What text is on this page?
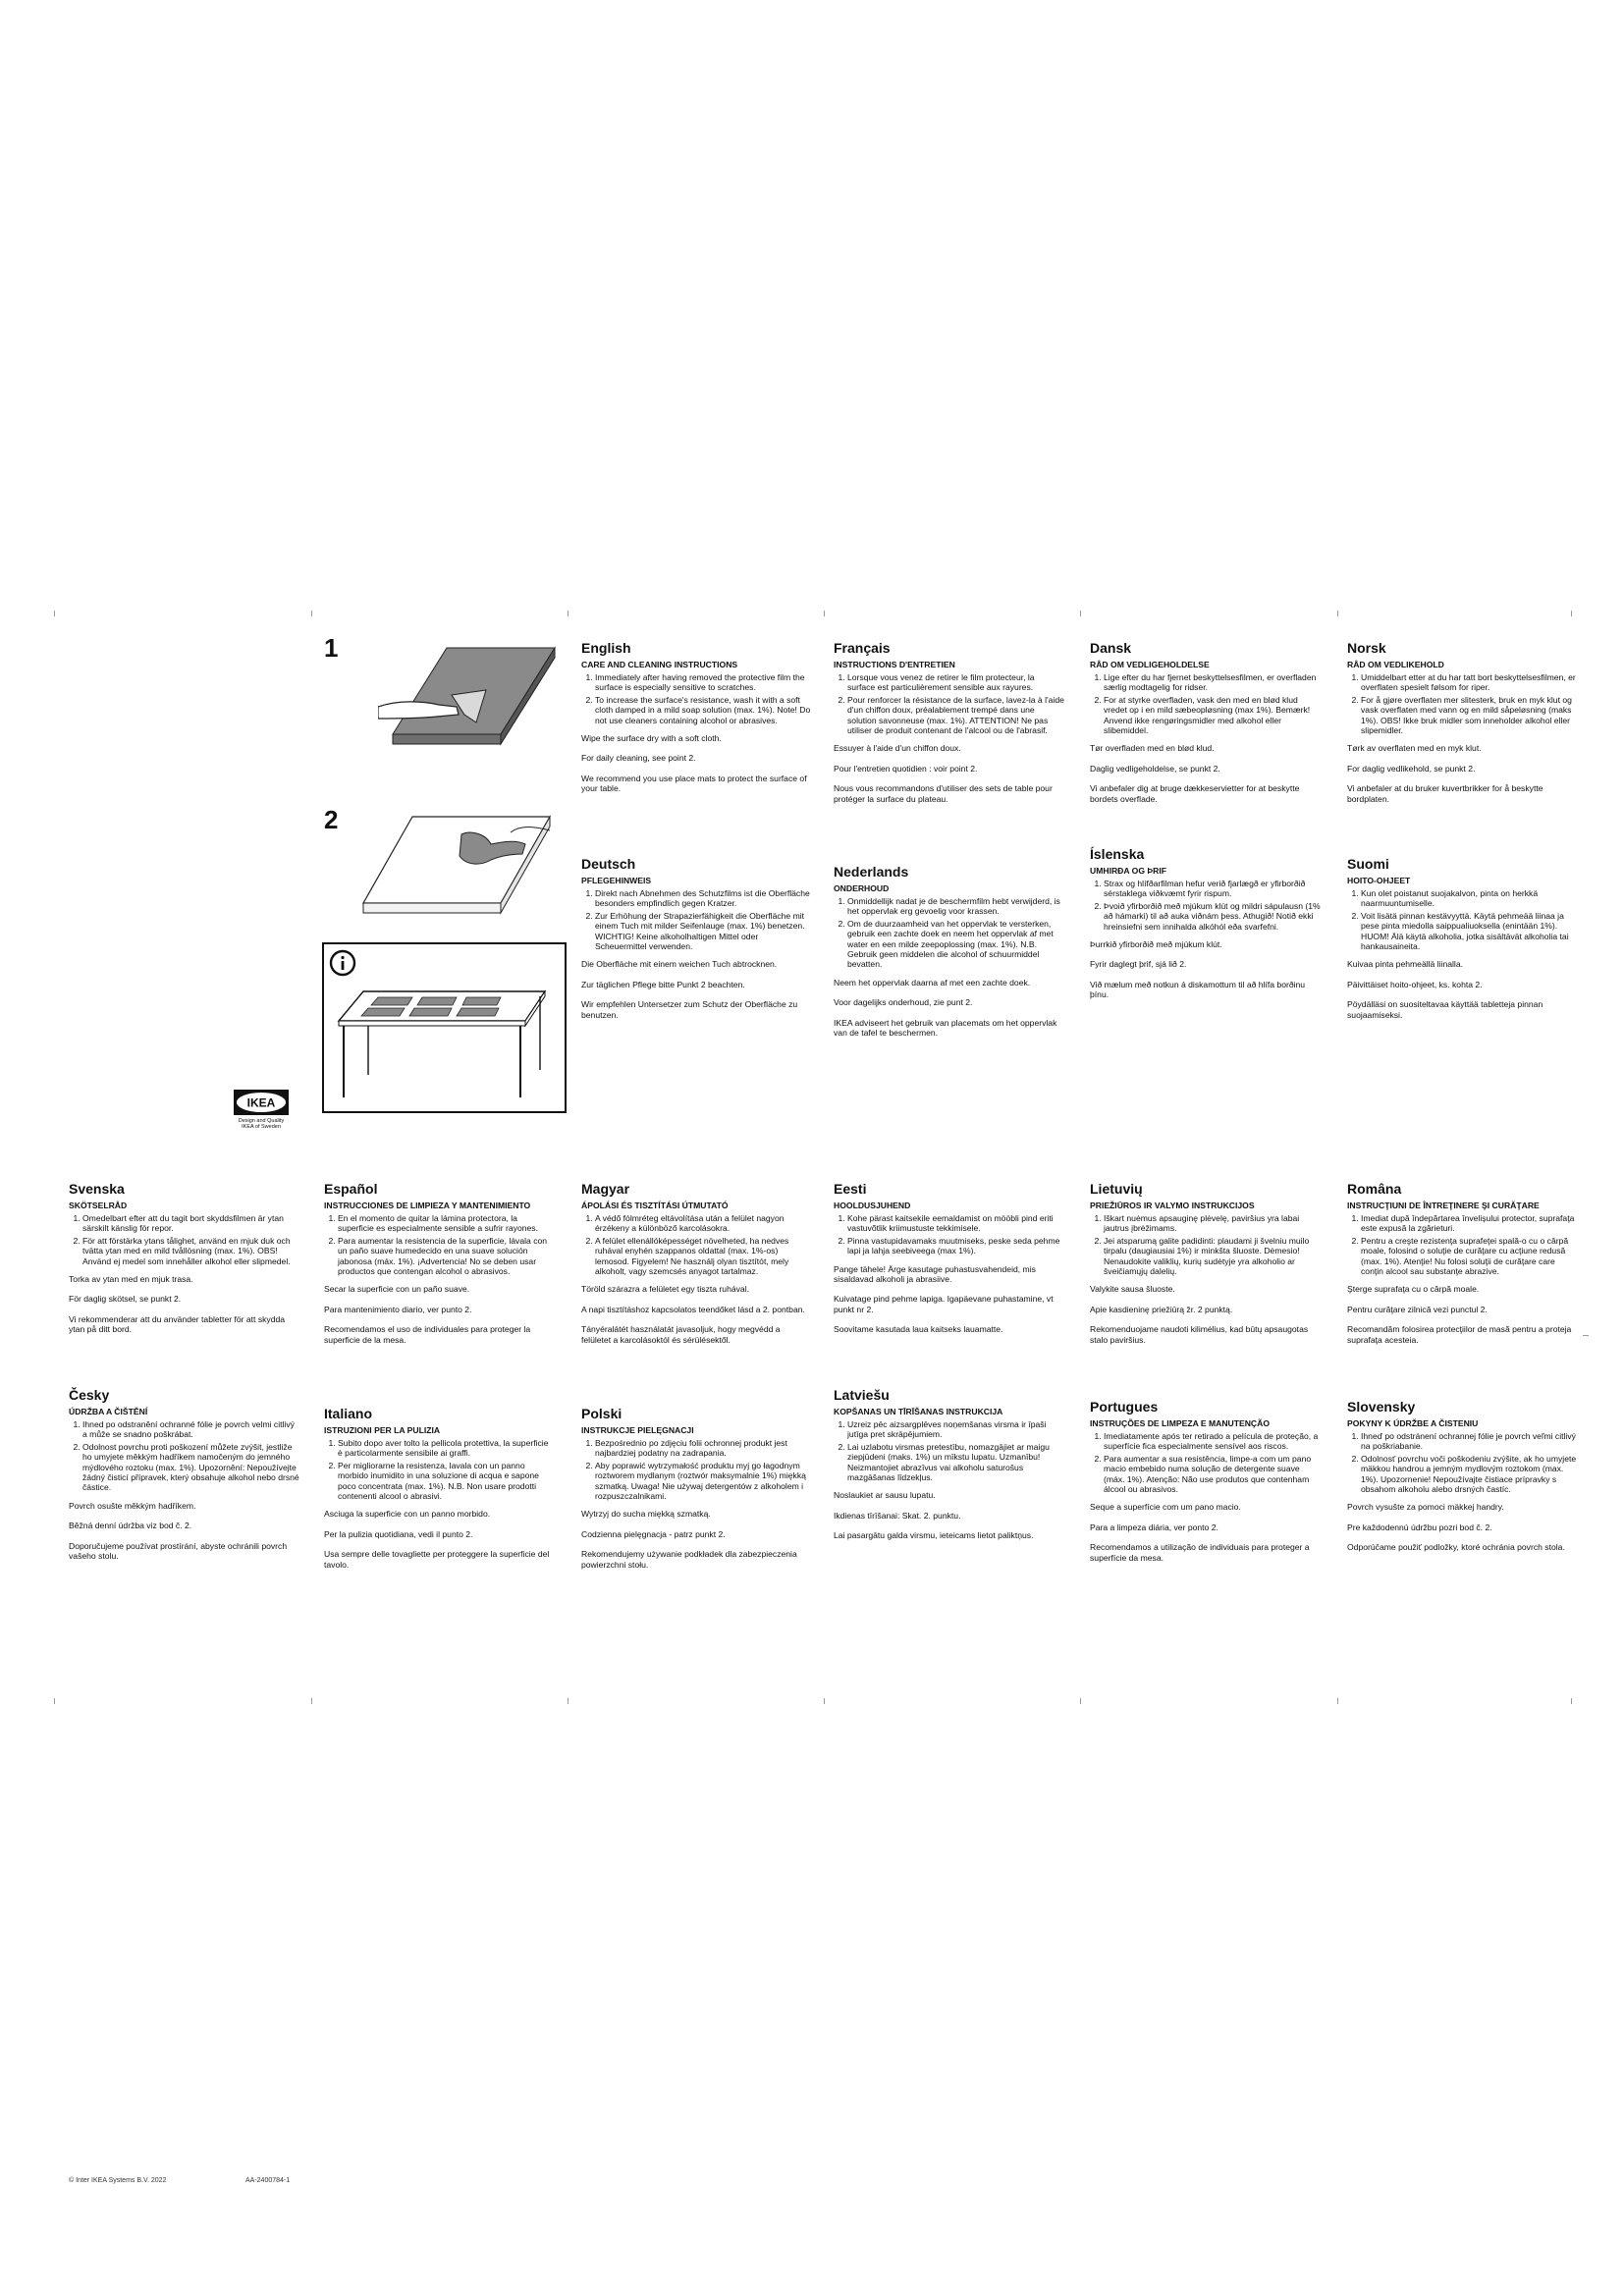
1
2
IKEA
Design and Quality
IKEA of Sweden
English
CARE AND CLEANING INSTRUCTIONS
1. Immediately after having removed the protective film the surface is especially sensitive to scratches.
2. To increase the surface's resistance, wash it with a soft cloth damped in a mild soap solution (max. 1%). Note! Do not use cleaners containing alcohol or abrasives.

Wipe the surface dry with a soft cloth.

For daily cleaning, see point 2.

We recommend you use place mats to protect the surface of your table.

Deutsch
PFLEGEHINWEIS
1. Direkt nach Abnehmen des Schutzfilms ist die Oberfläche besonders empfindlich gegen Kratzer.
2. Zur Erhöhung der Strapazierfähigkeit die Oberfläche mit einem Tuch mit milder Seifenlauge (max. 1%) benetzen. WICHTIG! Keine alkoholhaltigen Mittel oder Scheuermittel verwenden.

Die Oberfläche mit einem weichen Tuch abtrocknen.

Zur täglichen Pflege bitte Punkt 2 beachten.

Wir empfehlen Untersetzer zum Schutz der Oberfläche zu benutzen.

Français
INSTRUCTIONS D'ENTRETIEN
1. Lorsque vous venez de retirer le film protecteur, la surface est particulièrement sensible aux rayures.
2. Pour renforcer la résistance de la surface, lavez-la à l'aide d'un chiffon doux, préalablement trempé dans une solution savonneuse (max. 1%). ATTENTION! Ne pas utiliser de produit contenant de l'alcool ou de l'abrasif.

Essuyer à l'aide d'un chiffon doux.

Pour l'entretien quotidien : voir point 2.

Nous vous recommandons d'utiliser des sets de table pour protéger la surface du plateau.

Nederlands
ONDERHOUD
1. Onmiddellijk nadat je de beschermfilm hebt verwijderd, is het oppervlak erg gevoelig voor krassen.
2. Om de duurzaamheid van het oppervlak te versterken, gebruik een zachte doek en neem het oppervlak af met water en een milde zeepoplossing (max. 1%). N.B. Gebruik geen middelen die alcohol of schuurmiddel bevatten.

Neem het oppervlak daarna af met een zachte doek.

Voor dagelijks onderhoud, zie punt 2.

IKEA adviseert het gebruik van placemats om het oppervlak van de tafel te beschermen.

Dansk
RÅD OM VEDLIGEHOLDELSE
1. Lige efter du har fjernet beskyttelsesfilmen, er overfladen særlig modtagelig for ridser.
2. For at styrke overfladen, vask den med en blød klud vredet op i en mild sæbeopløsning (max 1%). Bemærk! Anvend ikke rengøringsmidler med alkohol eller slibemiddel.

Tør overfladen med en blød klud.

Daglig vedligeholdelse, se punkt 2.

Vi anbefaler dig at bruge dækkeservietter for at beskytte bordets overflade.

Íslenska
UMHIRÐA OG ÞRIF
1. Strax og hlífðarfilman hefur verið fjarlægð er yfirborðið sérstaklega viðkvæmt fyrir rispum.
2. Þvoið yfirborðið með mjúkum klút og mildri sápulausn (1% að hámarki) til að auka viðnám þess. Athugið! Notið ekki hreinsiefni sem innihalda alkóhól eða svarfefni.

Þurrkið yfirborðið með mjúkum klút.

Fyrir daglegt þrif, sjá lið 2.

Við mælum með notkun á diskamottum til að hlífa borðinu þínu.

Norsk
RÅD OM VEDLIKEHOLD
1. Umiddelbart etter at du har tatt bort beskyttelsesfilmen, er overflaten spesielt følsom for riper.
2. For å gjøre overflaten mer slitesterk, bruk en myk klut og vask overflaten med vann og en mild såpeløsning (maks 1%). OBS! Ikke bruk midler som inneholder alkohol eller slipemidler.

Tørk av overflaten med en myk klut.

For daglig vedlikehold, se punkt 2.

Vi anbefaler at du bruker kuvertbrikker for å beskytte bordplaten.

Suomi
HOITO-OHJEET
1. Kun olet poistanut suojakalvon, pinta on herkkä naarmuuntumiselle.
2. Voit lisätä pinnan kestävyyttä. Käytä pehmeää liinaa ja pese pinta miedolla saippualiuoksella (enintään 1%). HUOM! Älä käytä alkoholia, jotka sisältävät alkoholia tai hankausaineita.

Kuivaa pinta pehmeällä liinalla.

Päivittäiset hoito-ohjeet, ks. kohta 2.

Pöydälläsi on suositeltavaa käyttää tabletteja pinnan suojaamiseksi.

Svenska
SKÖTSELRÅD
1. Omedelbart efter att du tagit bort skyddsfilmen är ytan särskilt känslig för repor.
2. För att förstärka ytans tålighet, använd en mjuk duk och tvätta ytan med en mild tvållösning (max. 1%). OBS! Använd ej medel som innehåller alkohol eller slipmedel.

Torka av ytan med en mjuk trasa.

För daglig skötsel, se punkt 2.

Vi rekommenderar att du använder tabletter för att skydda ytan på ditt bord.

Česky
ÚDRŽBA A ČIŠTĚNÍ
1. Ihned po odstranění ochranné fólie je povrch velmi citlivý a může se snadno poškrábat.
2. Odolnost povrchu proti poškození můžete zvýšit, jestliže ho umyjete měkkým hadříkem namočeným do jemného mýdlového roztoku (max. 1%). Upozornění: Nepoužívejte žádný čisticí přípravek, který obsahuje alkohol nebo drsné částice.

Povrch osušte měkkým hadříkem.

Běžná denní údržba viz bod č. 2.

Doporučujeme používat prostírání, abyste ochránili povrch vašeho stolu.

Español
INSTRUCCIONES DE LIMPIEZA Y MANTENIMIENTO
1. En el momento de quitar la lámina protectora, la superficie es especialmente sensible a sufrir rayones.
2. Para aumentar la resistencia de la superficie, lávala con un paño suave humedecido en una suave solución jabonosa (máx. 1%). ¡Advertencia! No se deben usar productos que contengan alcohol o abrasivos.

Secar la superficie con un paño suave.

Para mantenimiento diario, ver punto 2.

Recomendamos el uso de individuales para proteger la superficie de la mesa.

Italiano
ISTRUZIONI PER LA PULIZIA
1. Subito dopo aver tolto la pellicola protettiva, la superficie è particolarmente sensibile ai graffi.
2. Per migliorarne la resistenza, lavala con un panno morbido inumidito in una soluzione di acqua e sapone poco concentrata (max. 1%). N.B. Non usare prodotti contenenti alcool o abrasivi.

Asciuga la superficie con un panno morbido.

Per la pulizia quotidiana, vedi il punto 2.

Usa sempre delle tovagliette per proteggere la superficie del tavolo.

Magyar
ÁPOLÁSI ÉS TISZTÍTÁSI ÚTMUTATÓ
1. A védő fólmréteg eltávolítása után a felület nagyon érzékeny a különböző karcolásokra.
2. A felület ellenállóképességet növelheted, ha nedves ruhával enyhén szappanos oldattal (max. 1%-os) lemosod. Figyelem! Ne használj olyan tisztítót, mely alkoholt, vagy szemcsés anyagot tartalmaz.

Töröld szárazra a felületet egy tiszta ruhával.

A napi tisztításhoz kapcsolatos teendőket lásd a 2. pontban.

Tányéralátét használatát javasoljuk, hogy megvédd a felületet a karcolásoktól és sérülésektől.

Polski
INSTRUKCJE PIELĘGNACJI
1. Bezpośrednio po zdjęciu folii ochronnej produkt jest najbardziej podatny na zadrapania.
2. Aby poprawić wytrzymałość produktu myj go łagodnym roztworem mydlanym (roztwór maksymalnie 1%) miękką szmatką. Uwaga! Nie używaj detergentów z alkoholem i rozpuszczalnikami.

Wytrzyj do sucha miękką szmatką.

Codzienna pielęgnacja - patrz punkt 2.

Rekomendujemy używanie podkładek dla zabezpieczenia powierzchni stołu.

Eesti
HOOLDUSJUHEND
1. Kohe pärast kaitsekile eemaldamist on mööbli pind eriti vastuvõtlik kriimustuste tekkimisele.
2. Pinna vastupidavamaks muutmiseks, peske seda pehme lapi ja lahja seebiveega (max 1%).

Pange tähele! Ärge kasutage puhastusvahendeid, mis sisaldavad alkoholi ja abrasiive.

Kuivatage pind pehme lapiga. Igapäevane puhastamine, vt punkt nr 2.

Soovitame kasutada laua kaitseks lauamatte.

Latviešu
KOPŠANAS UN TĪRĪŠANAS INSTRUKCIJA
1. Uzreiz pēc aizsargplēves noņemšanas virsma ir īpaši jutīga pret skrāpējumiem.
2. Lai uzlabotu virsmas pretestību, nomazgājiet ar maigu ziepjūdeni (maks. 1%) un mīkstu lupatu. Uzmanību! Neizmantojiet abrazīvus vai alkoholu saturošus mazgāšanas līdzekļus.

Noslaukiet ar sausu lupatu.

Ikdienas tīrīšanai: Skat. 2. punktu.

Lai pasargātu galda virsmu, ieteicams lietot paliktņus.

Lietuvių
PRIEŽIŪROS IR VALYMO INSTRUKCIJOS
1. Iškart nuėmus apsauginę plėvelę, paviršius yra labai jautrus įbrėžimams.
2. Jei atsparumą galite padidinti: plaudami ji švelniu muilo tirpalu (daugiausiai 1%) ir minkšta šluoste. Dėmesio! Nenaudokite valiklių, kurių sudėtyje yra alkoholio ar šveičiamųjų dalelių.

Valykite sausa šluoste.

Apie kasdieninę priežiūrą žr. 2 punktą.

Rekomenduojame naudoti kilimėlius, kad būtų apsaugotas stalo paviršius.

Portugues
INSTRUÇÕES DE LIMPEZA E MANUTENÇÃO
1. Imediatamente após ter retirado a película de proteção, a superfície fica especialmente sensível aos riscos.
2. Para aumentar a sua resistência, limpe-a com um pano macio embebido numa solução de detergente suave (máx. 1%). Atenção: Não use produtos que contenham álcool ou abrasivos.

Seque a superfície com um pano macio.

Para a limpeza diária, ver ponto 2.

Recomendamos a utilização de individuais para proteger a superfície da mesa.

Româna
INSTRUCŢIUNI DE ÎNTREŢINERE ŞI CURĂŢARE
1. Imediat după îndepărtarea învelișului protector, suprafaţa este expusă la zgârieturi.
2. Pentru a creşte rezistenţa suprafeţei spală-o cu o cârpă moale, folosind o soluţie de curăţare cu acţiune redusă (max. 1%). Atenţie! Nu folosi soluţii de curăţare care conţin alcool sau substanţe abrazive.

Şterge suprafaţa cu o cârpă moale.

Pentru curăţare zilnică vezi punctul 2.

Recomandăm folosirea protecţiilor de masă pentru a proteja suprafaţa acesteia.

Slovensky
POKYNY K ÚDRŽBE A ČISTENIU
1. Ihneď po odstránení ochrannej fólie je povrch veľmi citlivý na poškriabanie.
2. Odolnosť povrchu voči poškodeniu zvýšite, ak ho umyjete mäkkou handrou a jemným mydlovým roztokom (max. 1%). Upozornenie! Nepoužívajte čistiace prípravky s obsahom alkoholu alebo drsných častíc.

Povrch vysušte za pomoci mäkkej handry.

Pre každodennú údržbu pozri bod č. 2.

Odporúčame použiť podložky, ktoré ochránia povrch stola.

© Inter IKEA Systems B.V. 2022	AA-2400784-1
